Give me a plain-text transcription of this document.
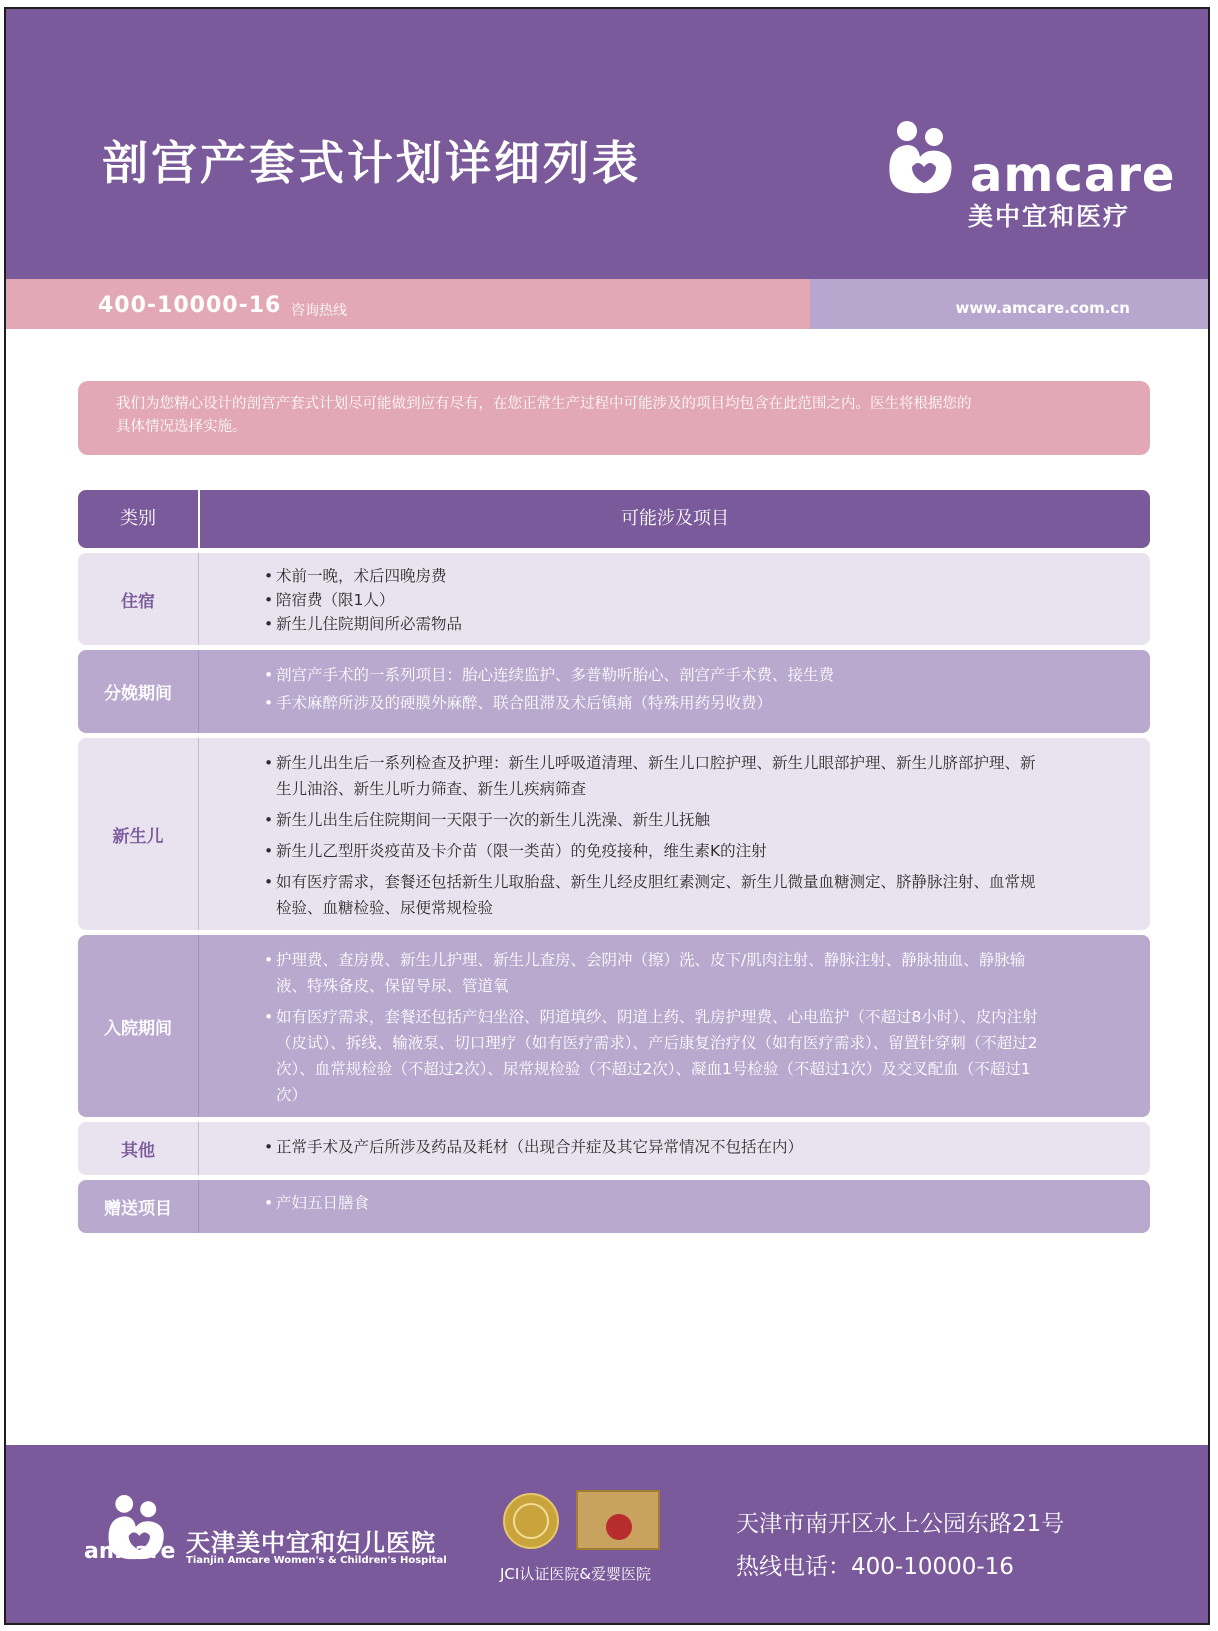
剖宫产套式计划详细列表	amcare
美中宜和医疗
400-10000-16 咨询热线	www.amcare.com.cn
我们为您精心设计的剖宫产套式计划尽可能做到应有尽有，在您正常生产过程中可能涉及的项目均包含在此范围之内。医生将根据您的
具体情况选择实施。
类别	可能涉及项目
住宿
• 术前一晚，术后四晚房费
• 陪宿费（限1人）
• 新生儿住院期间所必需物品
分娩期间
• 剖宫产手术的一系列项目：胎心连续监护、多普勒听胎心、剖宫产手术费、接生费
• 手术麻醉所涉及的硬膜外麻醉、联合阻滞及术后镇痛（特殊用药另收费）
新生儿
• 新生儿出生后一系列检查及护理：新生儿呼吸道清理、新生儿口腔护理、新生儿眼部护理、新生儿脐部护理、新生儿油浴、新生儿听力筛查、新生儿疾病筛查
• 新生儿出生后住院期间一天限于一次的新生儿洗澡、新生儿抚触
• 新生儿乙型肝炎疫苗及卡介苗（限一类苗）的免疫接种，维生素K的注射
• 如有医疗需求，套餐还包括新生儿取胎盘、新生儿经皮胆红素测定、新生儿微量血糖测定、脐静脉注射、血常规检验、血糖检验、尿便常规检验
入院期间
• 护理费、查房费、新生儿护理、新生儿查房、会阴冲（擦）洗、皮下/肌肉注射、静脉注射、静脉抽血、静脉输液、特殊备皮、保留导尿、管道氧
• 如有医疗需求，套餐还包括产妇坐浴、阴道填纱、阴道上药、乳房护理费、心电监护（不超过8小时）、皮内注射（皮试）、拆线、输液泵、切口理疗（如有医疗需求）、产后康复治疗仪（如有医疗需求）、留置针穿刺（不超过2次）、血常规检验（不超过2次）、尿常规检验（不超过2次）、凝血1号检验（不超过1次）及交叉配血（不超过1次）
其他	• 正常手术及产后所涉及药品及耗材（出现合并症及其它异常情况不包括在内）
赠送项目	• 产妇五日膳食
amcare 天津美中宜和妇儿医院
Tianjin Amcare Women's & Children's Hospital
JCI认证医院&爱婴医院
天津市南开区水上公园东路21号
热线电话：400-10000-16
